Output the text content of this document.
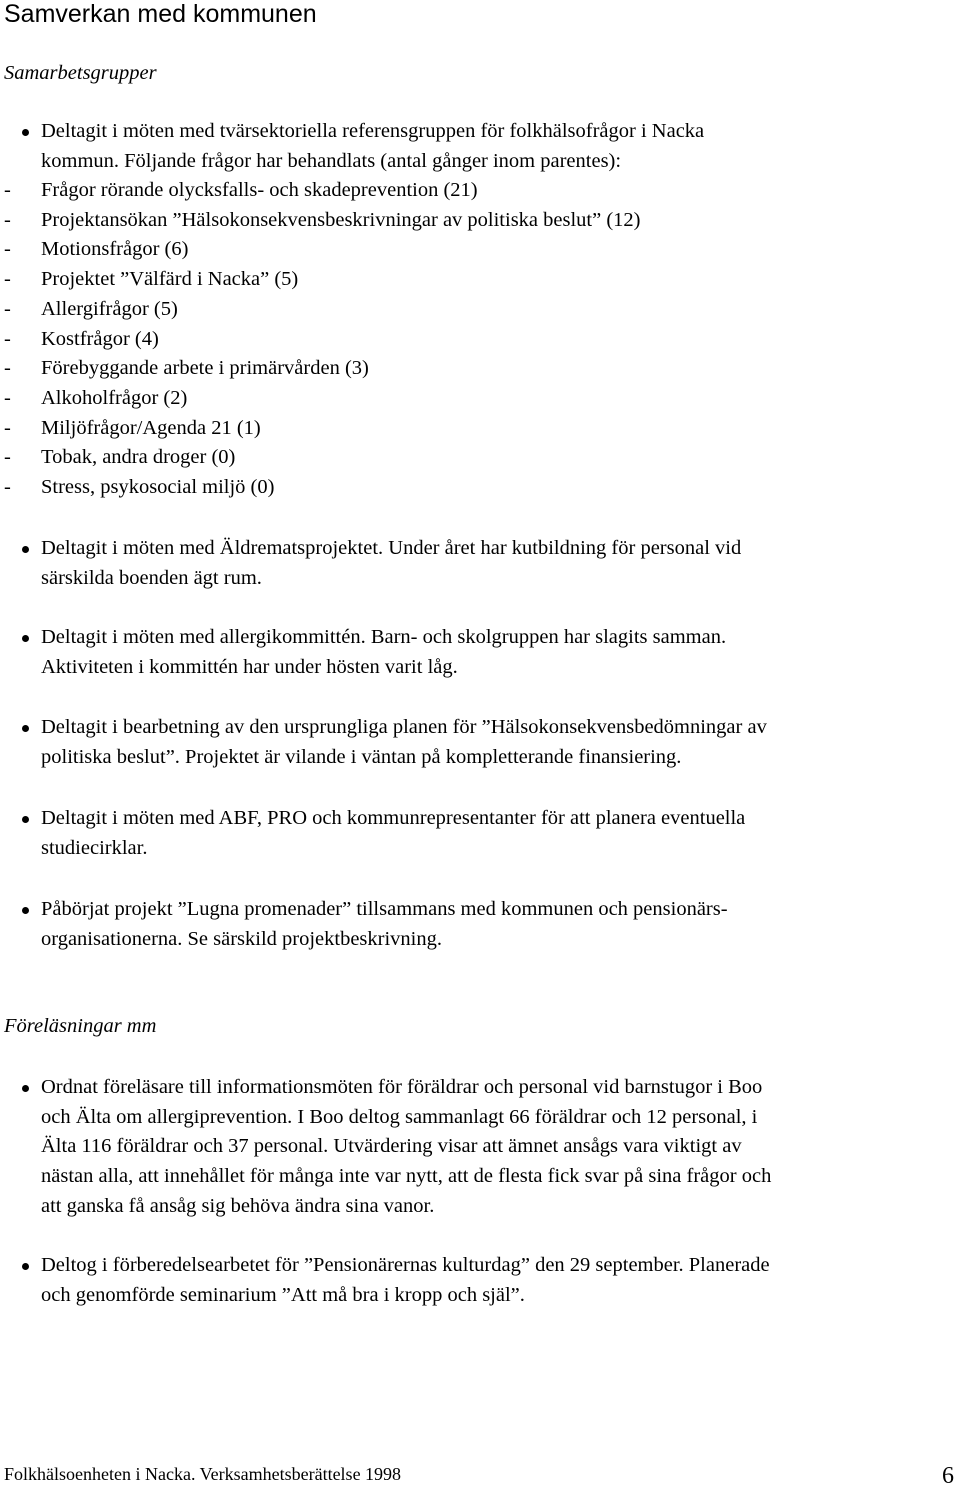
Samverkan med kommunen
Samarbetsgrupper
Deltagit i möten med tvärsektoriella referensgruppen för folkhälsofrågor i Nacka
kommun. Följande frågor har behandlats (antal gånger inom parentes):
-	Frågor rörande olycksfalls- och skadeprevention (21)
-	Projektansökan ”Hälsokonsekvensbeskrivningar av politiska beslut” (12)
-	Motionsfrågor (6)
-	Projektet ”Välfärd i Nacka” (5)
-	Allergifrågor (5)
-	Kostfrågor (4)
-	Förebyggande arbete i primärvården (3)
-	Alkoholfrågor (2)
-	Miljöfrågor/Agenda 21 (1)
-	Tobak, andra droger (0)
-	Stress, psykosocial miljö (0)
Deltagit i möten med Äldrematsprojektet. Under året har kutbildning för personal vid
särskilda boenden ägt rum.
Deltagit i möten med allergikommittén. Barn- och skolgruppen har slagits samman.
Aktiviteten i kommittén har under hösten varit låg.
Deltagit i bearbetning av den ursprungliga planen för ”Hälsokonsekvensbedömningar av
politiska beslut”. Projektet är vilande i väntan på kompletterande finansiering.
Deltagit i möten med ABF, PRO och kommunrepresentanter för att planera eventuella
studiecirklar.
Påbörjat projekt ”Lugna promenader” tillsammans med kommunen och pensionärs-
organisationerna. Se särskild projektbeskrivning.
Föreläsningar mm
Ordnat föreläsare till informationsmöten för föräldrar och personal vid barnstugor i Boo
och Älta om allergiprevention. I Boo deltog sammanlagt 66 föräldrar och 12 personal, i
Älta 116 föräldrar och 37 personal. Utvärdering visar att ämnet ansågs vara viktigt av
nästan alla, att innehållet för många inte var nytt, att de flesta fick svar på sina frågor och
att ganska få ansåg sig behöva ändra sina vanor.
Deltog i förberedelsearbetet för ”Pensionärernas kulturdag” den 29 september. Planerade
och genomförde seminarium ”Att må bra i kropp och själ”.
Folkhälsoenheten i Nacka. Verksamhetsberättelse 1998	6
